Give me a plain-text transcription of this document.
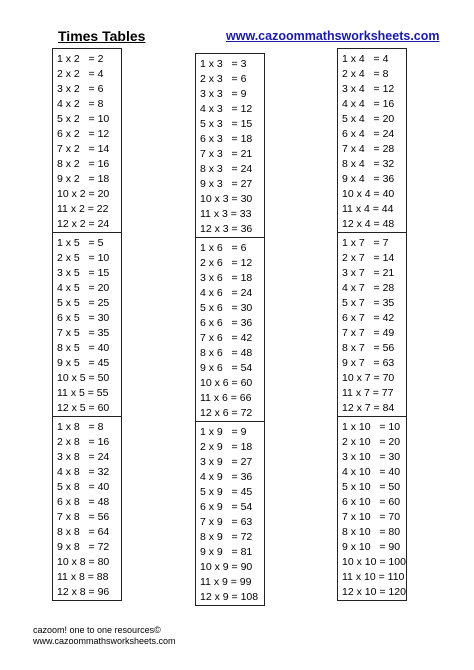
Times Tables	www.cazoommathsworksheets.com
1 x 2   = 2
2 x 2   = 4
3 x 2   = 6
4 x 2   = 8
5 x 2   = 10
6 x 2   = 12
7 x 2   = 14
8 x 2   = 16
9 x 2   = 18
10 x 2 = 20
11 x 2 = 22
12 x 2 = 24
1 x 5   = 5
2 x 5   = 10
3 x 5   = 15
4 x 5   = 20
5 x 5   = 25
6 x 5   = 30
7 x 5   = 35
8 x 5   = 40
9 x 5   = 45
10 x 5 = 50
11 x 5 = 55
12 x 5 = 60
1 x 8   = 8
2 x 8   = 16
3 x 8   = 24
4 x 8   = 32
5 x 8   = 40
6 x 8   = 48
7 x 8   = 56
8 x 8   = 64
9 x 8   = 72
10 x 8 = 80
11 x 8 = 88
12 x 8 = 96
1 x 3   = 3
2 x 3   = 6
3 x 3   = 9
4 x 3   = 12
5 x 3   = 15
6 x 3   = 18
7 x 3   = 21
8 x 3   = 24
9 x 3   = 27
10 x 3 = 30
11 x 3 = 33
12 x 3 = 36
1 x 6   = 6
2 x 6   = 12
3 x 6   = 18
4 x 6   = 24
5 x 6   = 30
6 x 6   = 36
7 x 6   = 42
8 x 6   = 48
9 x 6   = 54
10 x 6 = 60
11 x 6 = 66
12 x 6 = 72
1 x 9   = 9
2 x 9   = 18
3 x 9   = 27
4 x 9   = 36
5 x 9   = 45
6 x 9   = 54
7 x 9   = 63
8 x 9   = 72
9 x 9   = 81
10 x 9 = 90
11 x 9 = 99
12 x 9 = 108
1 x 4   = 4
2 x 4   = 8
3 x 4   = 12
4 x 4   = 16
5 x 4   = 20
6 x 4   = 24
7 x 4   = 28
8 x 4   = 32
9 x 4   = 36
10 x 4 = 40
11 x 4 = 44
12 x 4 = 48
1 x 7   = 7
2 x 7   = 14
3 x 7   = 21
4 x 7   = 28
5 x 7   = 35
6 x 7   = 42
7 x 7   = 49
8 x 7   = 56
9 x 7   = 63
10 x 7 = 70
11 x 7 = 77
12 x 7 = 84
1 x 10   = 10
2 x 10   = 20
3 x 10   = 30
4 x 10   = 40
5 x 10   = 50
6 x 10   = 60
7 x 10   = 70
8 x 10   = 80
9 x 10   = 90
10 x 10 = 100
11 x 10 = 110
12 x 10 = 120
cazoom! one to one resources©
www.cazoommathsworksheets.com
